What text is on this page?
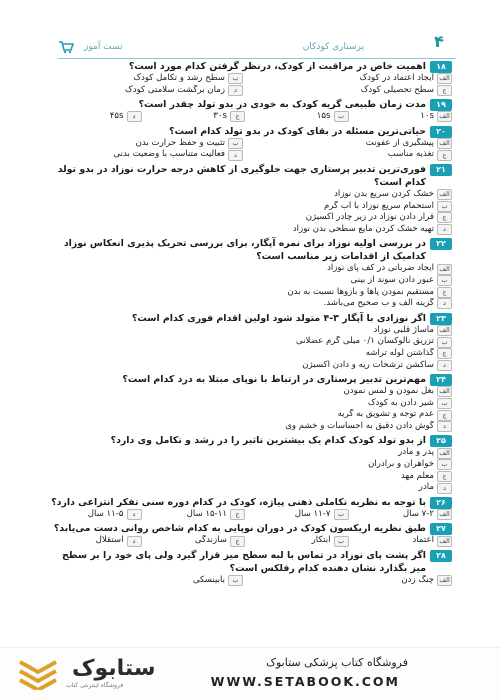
۴
پرستاری کودکان
تست آموز
۱۸
اهمیت خاص در مراقبت از کودک، درنظر گرفتن کدام مورد است؟
الف
ایجاد اعتماد در کودک
ب
سطح رشد و تکامل کودک
ج
سطح تحصیلی کودک
د
زمان برگشت سلامتی کودک
۱۹
مدت زمان طبیعی گریه کودک به خودی در بدو تولد چقدر است؟
الف
۱۰s
ب
۱۵s
ج
۳۰s
د
۴۵s
۲۰
حیاتی‌ترین مسئله در بقای کودک در بدو تولد کدام است؟
الف
پیشگیری از عفونت
ب
تثبیت و حفظ حرارت بدن
ج
تغذیه مناسب
د
فعالیت متناسب با وضعیت بدنی
۲۱
فوری‌ترین تدبیر پرستاری جهت جلوگیری از کاهش درجه حرارت نوزاد در بدو تولد کدام است؟
الف
خشک کردن سریع بدن نوزاد
ب
استحمام سریع نوزاد با آب گرم
ج
قرار دادن نوزاد در زیر چادر اکسیژن
د
تهیه خشک کردن مایع سطحی بدن نوزاد
۲۲
در بررسی اولیه نوزاد برای نمره آپگار، برای بررسی تحریک پذیری انعکاس نوزاد کدامیک از اقدامات زیر مناسب است؟
الف
ایجاد ضرباتی در کف پای نوزاد
ب
عبور دادن سوند از بینی
ج
مستقیم نمودن پاها و بازوها نسبت به بدن
د
گزینه الف و ب صحیح می‌باشد.
۲۳
اگر نوزادی با آپگار ۳-۴ متولد شود اولین اقدام فوری کدام است؟
الف
ماساژ قلبی نوزاد
ب
تزریق نالوکسان ۰/۱ میلی گرم عضلانی
ج
گذاشتن لوله تراشه
د
ساکشن ترشحات ریه و دادن اکسیژن
۲۴
مهم‌ترین تدبیر پرستاری در ارتباط با نوپای مبتلا به درد کدام است؟
الف
بغل نمودن و لمس نمودن
ب
شیر دادن به کودک
ج
عدم توجه و تشویق به گریه
د
گوش دادن دقیق به احساسات و خشم وی
۲۵
از بدو تولد کودک کدام یک بیشترین تاثیر را در رشد و تکامل وی دارد؟
الف
پدر و مادر
ب
خواهران و برادران
ج
معلم مهد
د
مادر
۲۶
با توجه به نظریه تکاملی ذهنی پیاژه، کودک در کدام دوره سنی تفکر انتزاعی دارد؟
الف
۷-۲ سال
ب
۱۱-۷ سال
ج
۱۵-۱۱ سال
د
۱۱-۵ سال
۲۷
طبق نظریه اریکسون کودک در دوران نوپایی به کدام شاخص روانی دست می‌یابد؟
الف
اعتماد
ب
ابتکار
ج
سازندگی
د
استقلال
۲۸
اگر پشت پای نوزاد در تماس با لبه سطح میز قرار گیرد ولی پای خود را بر سطح میز بگذارد نشان دهنده کدام رفلکس است؟
الف
چنگ زدن
ب
بابینسکی
فروشگاه کتاب پزشکی ستابوک
WWW.SETABOOK.COM
ستابوک
فروشگاه اینترنتی کتاب
